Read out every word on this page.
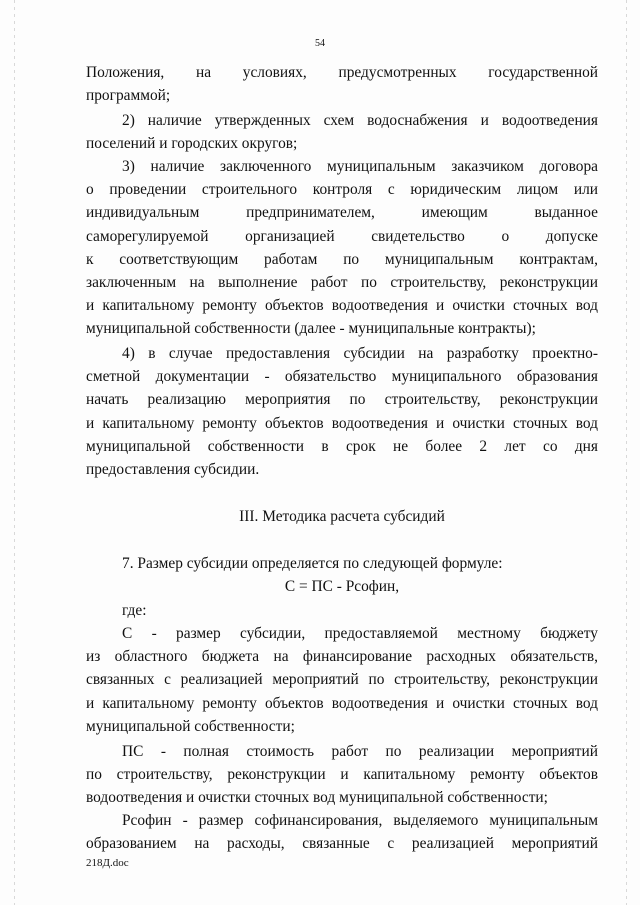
54

Положения, на условиях, предусмотренных государственной

программой;

2) наличие утвержденных схем водоснабжения и водоотведения

поселений и городских округов;

3) наличие заключенного муниципальным заказчиком договора

о проведении строительного контроля с юридическим лицом или

индивидуальным предпринимателем, имеющим выданное

саморегулируемой организацией свидетельство о допуске

к соответствующим работам по муниципальным контрактам,

заключенным на выполнение работ по строительству, реконструкции

и капитальному ремонту объектов водоотведения и очистки сточных вод

муниципальной собственности (далее - муниципальные контракты);

4) в случае предоставления субсидии на разработку проектно-

сметной документации - обязательство муниципального образования

начать реализацию мероприятия по строительству, реконструкции

и капитальному ремонту объектов водоотведения и очистки сточных вод

муниципальной собственности в срок не более 2 лет со дня

предоставления субсидии.

III. Методика расчета субсидий

7. Размер субсидии определяется по следующей формуле:

С = ПС - Рсофин,

где:

С - размер субсидии, предоставляемой местному бюджету

из областного бюджета на финансирование расходных обязательств,

связанных с реализацией мероприятий по строительству, реконструкции

и капитальному ремонту объектов водоотведения и очистки сточных вод

муниципальной собственности;

ПС - полная стоимость работ по реализации мероприятий

по строительству, реконструкции и капитальному ремонту объектов

водоотведения и очистки сточных вод муниципальной собственности;

Рсофин - размер софинансирования, выделяемого муниципальным

образованием на расходы, связанные с реализацией мероприятий

218Д.doc
